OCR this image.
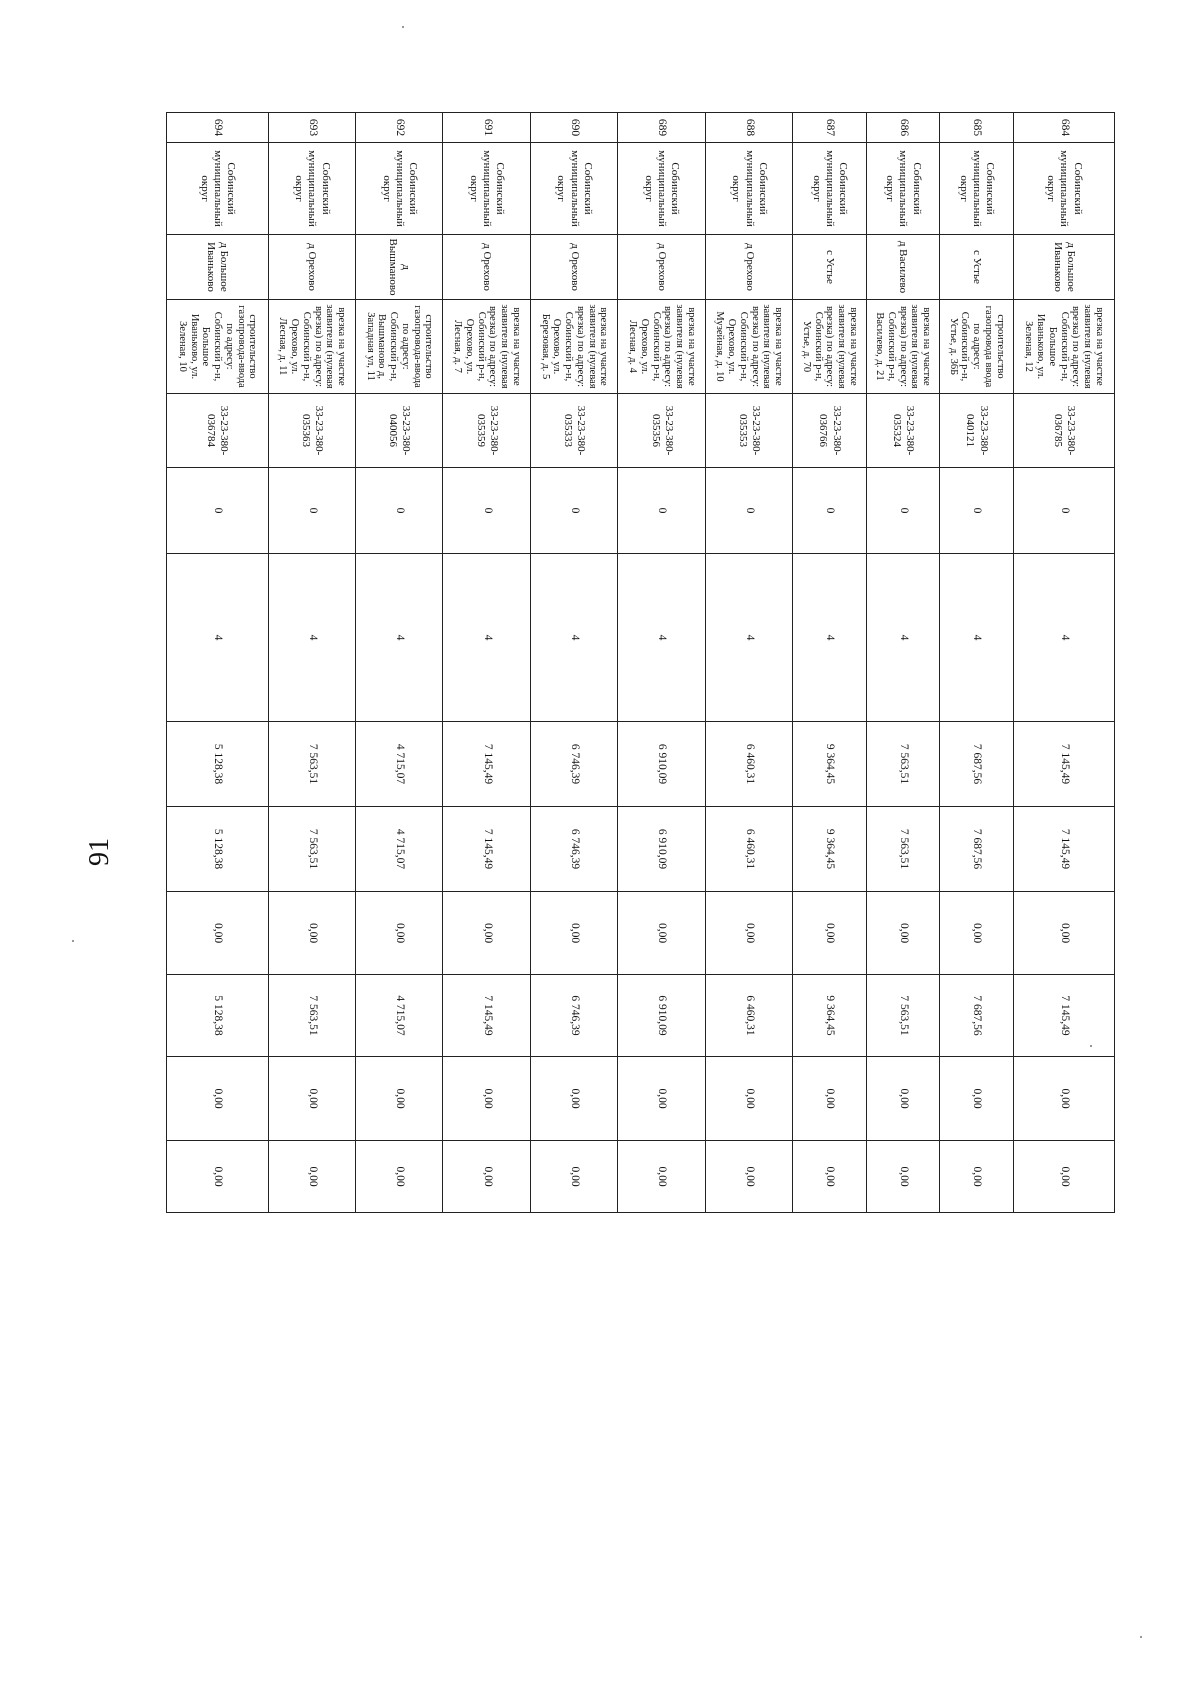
91
684	Собинский муниципальный округ	д Большое Иваньково	врезка на участке заявителя (нулевая врезка) по адресу: Собинский р-н, Большое Иваньково, ул. Зеленая, 12	33-23-380-036785	0	4	7 145,49	7 145,49	0,00	7 145,49	0,00	0,00
685	Собинский муниципальный округ	с Устье	строительство газопровода ввода по адресу: Собинский р-н, Устье, д. 36Б	33-23-380-040121	0	4	7 687,56	7 687,56	0,00	7 687,56	0,00	0,00
686	Собинский муниципальный округ	д Василево	врезка на участке заявителя (нулевая врезка) по адресу: Собинский р-н, Василево, д. 21	33-23-380-035324	0	4	7 563,51	7 563,51	0,00	7 563,51	0,00	0,00
687	Собинский муниципальный округ	с Устье	врезка на участке заявителя (нулевая врезка) по адресу: Собинский р-н, Устье, д. 70	33-23-380-036766	0	4	9 364,45	9 364,45	0,00	9 364,45	0,00	0,00
688	Собинский муниципальный округ	д Орехово	врезка на участке заявителя (нулевая врезка) по адресу: Собинский р-н, Орехово, ул. Музейная, д. 10	33-23-380-035353	0	4	6 460,31	6 460,31	0,00	6 460,31	0,00	0,00
689	Собинский муниципальный округ	д Орехово	врезка на участке заявителя (нулевая врезка) по адресу: Собинский р-н, Орехово, ул. Лесная, д. 4	33-23-380-035356	0	4	6 910,09	6 910,09	0,00	6 910,09	0,00	0,00
690	Собинский муниципальный округ	д Орехово	врезка на участке заявителя (нулевая врезка) по адресу: Собинский р-н, Орехово, ул. Березовая, д. 5	33-23-380-035333	0	4	6 746,39	6 746,39	0,00	6 746,39	0,00	0,00
691	Собинский муниципальный округ	д Орехово	врезка на участке заявителя (нулевая врезка) по адресу: Собинский р-н, Орехово, ул. Лесная, д. 7	33-23-380-035359	0	4	7 145,49	7 145,49	0,00	7 145,49	0,00	0,00
692	Собинский муниципальный округ	д Вышманово	строительство газопровода-ввода по адресу: Собинский р-н, Вышманово д, Западная ул, 11	33-23-380-040056	0	4	4 715,07	4 715,07	0,00	4 715,07	0,00	0,00
693	Собинский муниципальный округ	д Орехово	врезка на участке заявителя (нулевая врезка) по адресу: Собинский р-н, Орехово, ул. Лесная, д. 11	33-23-380-035363	0	4	7 563,51	7 563,51	0,00	7 563,51	0,00	0,00
694	Собинский муниципальный округ	д Большое Иваньково	строительство газопровода-ввода по адресу: Собинский р-н, Большое Иваньково, ул. Зеленая, 10	33-23-380-036784	0	4	5 128,38	5 128,38	0,00	5 128,38	0,00	0,00
